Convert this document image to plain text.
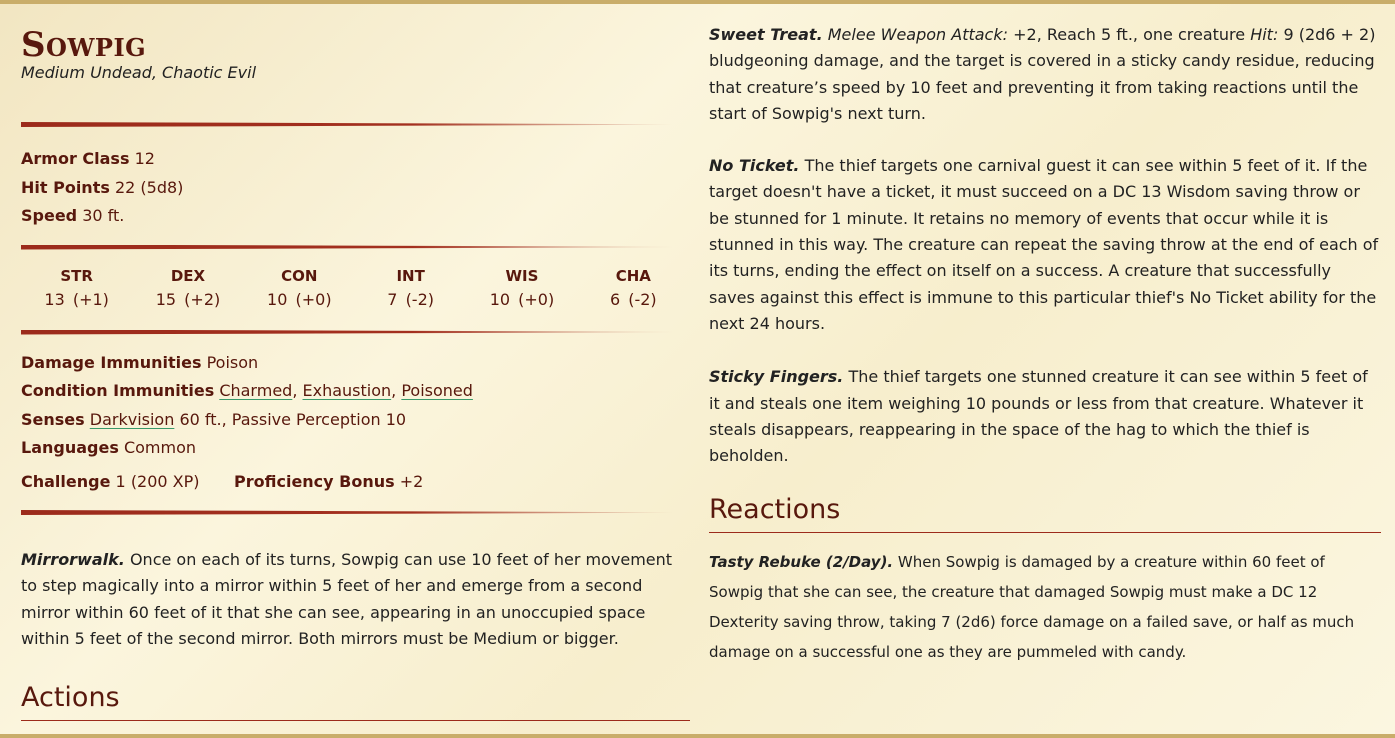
Sowpig
Medium Undead, Chaotic Evil
Armor Class 12
Hit Points 22 (5d8)
Speed 30 ft.
STR
13 (+1)
DEX
15 (+2)
CON
10 (+0)
INT
7 (-2)
WIS
10 (+0)
CHA
6 (-2)
Damage Immunities Poison
Condition Immunities Charmed, Exhaustion, Poisoned
Senses Darkvision 60 ft., Passive Perception 10
Languages Common
Challenge 1 (200 XP)	Proficiency Bonus +2

Mirrorwalk. Once on each of its turns, Sowpig can use 10 feet of her movement to step magically into a mirror within 5 feet of her and emerge from a second mirror within 60 feet of it that she can see, appearing in an unoccupied space within 5 feet of the second mirror. Both mirrors must be Medium or bigger.

Actions

Sweet Treat. Melee Weapon Attack: +2, Reach 5 ft., one creature Hit: 9 (2d6 + 2) bludgeoning damage, and the target is covered in a sticky candy residue, reducing that creature’s speed by 10 feet and preventing it from taking reactions until the start of Sowpig's next turn.

No Ticket. The thief targets one carnival guest it can see within 5 feet of it. If the target doesn't have a ticket, it must succeed on a DC 13 Wisdom saving throw or be stunned for 1 minute. It retains no memory of events that occur while it is stunned in this way. The creature can repeat the saving throw at the end of each of its turns, ending the effect on itself on a success. A creature that successfully saves against this effect is immune to this particular thief's No Ticket ability for the next 24 hours.

Sticky Fingers. The thief targets one stunned creature it can see within 5 feet of it and steals one item weighing 10 pounds or less from that creature. Whatever it steals disappears, reappearing in the space of the hag to which the thief is beholden.

Reactions

Tasty Rebuke (2/Day). When Sowpig is damaged by a creature within 60 feet of Sowpig that she can see, the creature that damaged Sowpig must make a DC 12 Dexterity saving throw, taking 7 (2d6) force damage on a failed save, or half as much damage on a successful one as they are pummeled with candy.
